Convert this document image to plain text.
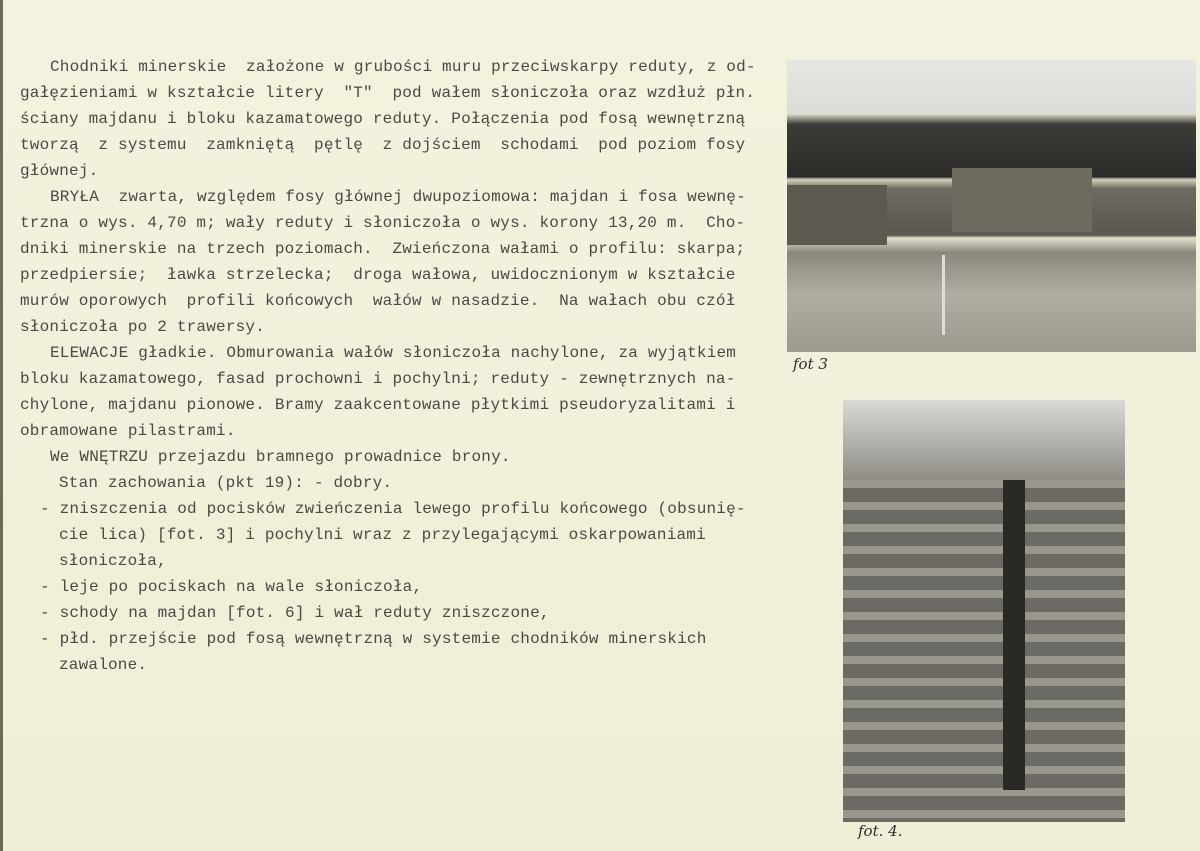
Chodniki minerskie  założone w grubości muru przeciwskarpy reduty, z od-
gałęzieniami w kształcie litery  "T"  pod wałem słoniczoła oraz wzdłuż płn.
ściany majdanu i bloku kazamatowego reduty. Połączenia pod fosą wewnętrzną
tworzą  z systemu  zamkniętą  pętlę  z dojściem  schodami  pod poziom fosy
głównej.
BRYŁA  zwarta, względem fosy głównej dwupoziomowa: majdan i fosa wewnę-
trzna o wys. 4,70 m; wały reduty i słoniczoła o wys. korony 13,20 m.  Cho-
dniki minerskie na trzech poziomach.  Zwieńczona wałami o profilu: skarpa;
przedpiersie;  ławka strzelecka;  droga wałowa, uwidocznionym w kształcie
murów oporowych  profili końcowych  wałów w nasadzie.  Na wałach obu czół
słoniczoła po 2 trawersy.
ELEWACJE gładkie. Obmurowania wałów słoniczoła nachylone, za wyjątkiem
bloku kazamatowego, fasad prochowni i pochylni; reduty - zewnętrznych na-
chylone, majdanu pionowe. Bramy zaakcentowane płytkimi pseudoryzalitami i
obramowane pilastrami.
We WNĘTRZU przejazdu bramnego prowadnice brony.
Stan zachowania (pkt 19): - dobry.
- zniszczenia od pocisków zwieńczenia lewego profilu końcowego (obsunię-
cie lica) [fot. 3] i pochylni wraz z przylegającymi oskarpowaniami
słoniczoła,
- leje po pociskach na wale słoniczoła,
- schody na majdan [fot. 6] i wał reduty zniszczone,
- płd. przejście pod fosą wewnętrzną w systemie chodników minerskich
zawalone.
fot 3
fot. 4.
